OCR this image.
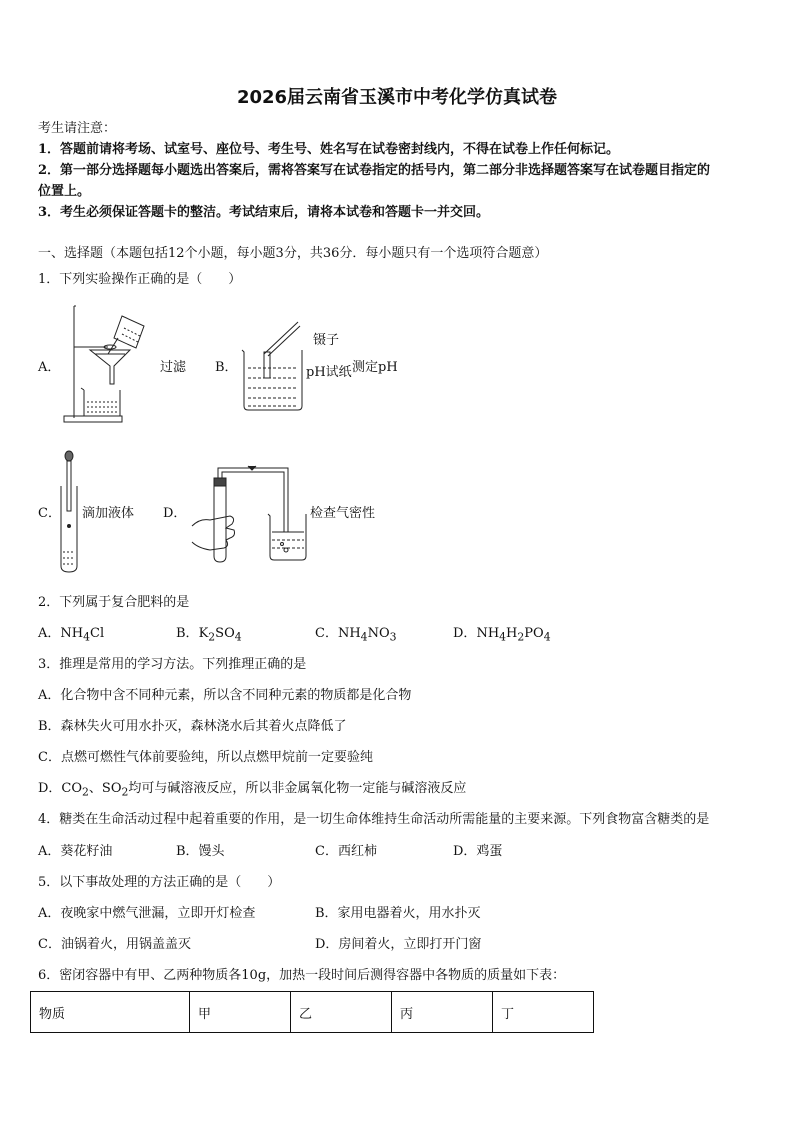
2026届云南省玉溪市中考化学仿真试卷
考生请注意：
1．答题前请将考场、试室号、座位号、考生号、姓名写在试卷密封线内，不得在试卷上作任何标记。
2．第一部分选择题每小题选出答案后，需将答案写在试卷指定的括号内，第二部分非选择题答案写在试卷题目指定的
位置上。
3．考生必须保证答题卡的整洁。考试结束后，请将本试卷和答题卡一并交回。
一、选择题（本题包括12个小题，每小题3分，共36分．每小题只有一个选项符合题意）
1．下列实验操作正确的是（　　）
A．	过滤 B．
镊子
pH试纸 测定pH
C． 滴加液体 D．	检查气密性
2．下列属于复合肥料的是
A．$NH_4Cl$	B．$K_2SO_4$	C．$NH_4NO_3$	D．$NH_4H_2PO_4$
3．推理是常用的学习方法。下列推理正确的是
A．化合物中含不同种元素，所以含不同种元素的物质都是化合物
B．森林失火可用水扑灭，森林浇水后其着火点降低了
C．点燃可燃性气体前要验纯，所以点燃甲烷前一定要验纯
D．$CO_2$、$SO_2$均可与碱溶液反应，所以非金属氧化物一定能与碱溶液反应
4．糖类在生命活动过程中起着重要的作用，是一切生命体维持生命活动所需能量的主要来源。下列食物富含糖类的是
A．葵花籽油	B．馒头	C．西红柿	D．鸡蛋
5．以下事故处理的方法正确的是（　　）
A．夜晚家中燃气泄漏，立即开灯检查	B．家用电器着火，用水扑灭
C．油锅着火，用锅盖盖灭	D．房间着火，立即打开门窗
6．密闭容器中有甲、乙两种物质各10g，加热一段时间后测得容器中各物质的质量如下表：
物质	甲	乙	丙	丁
